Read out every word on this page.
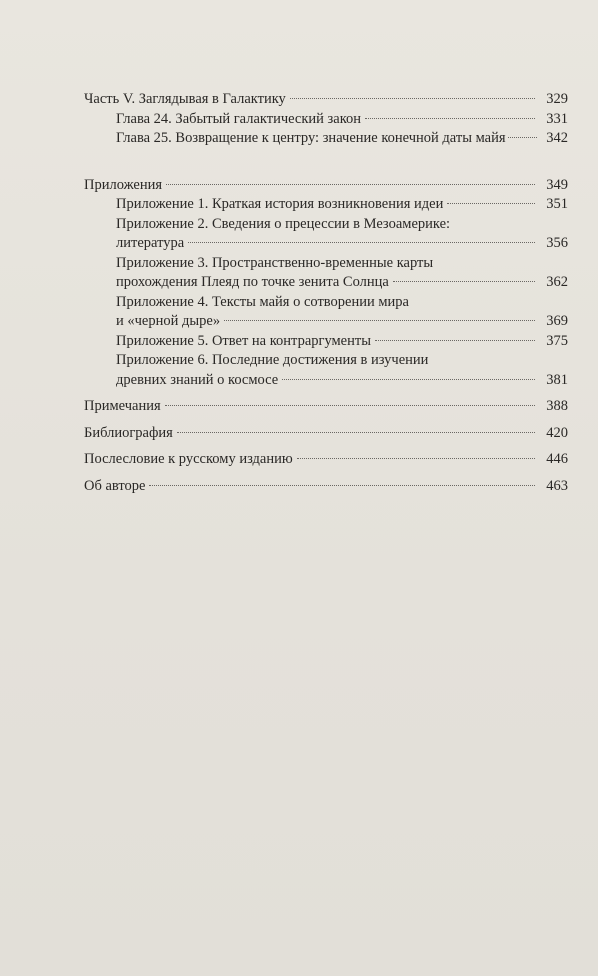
Часть V. Заглядывая в Галактику	329
Глава 24. Забытый галактический закон	331
Глава 25. Возвращение к центру: значение конечной даты майя	342
Приложения	349
Приложение 1. Краткая история возникновения идеи	351
Приложение 2. Сведения о прецессии в Мезоамерике:
литература	356
Приложение 3. Пространственно-временные карты
прохождения Плеяд по точке зенита Солнца	362
Приложение 4. Тексты майя о сотворении мира
и «черной дыре»	369
Приложение 5. Ответ на контраргументы	375
Приложение 6. Последние достижения в изучении
древних знаний о космосе	381
Примечания	388
Библиография	420
Послесловие к русскому изданию	446
Об авторе	463
